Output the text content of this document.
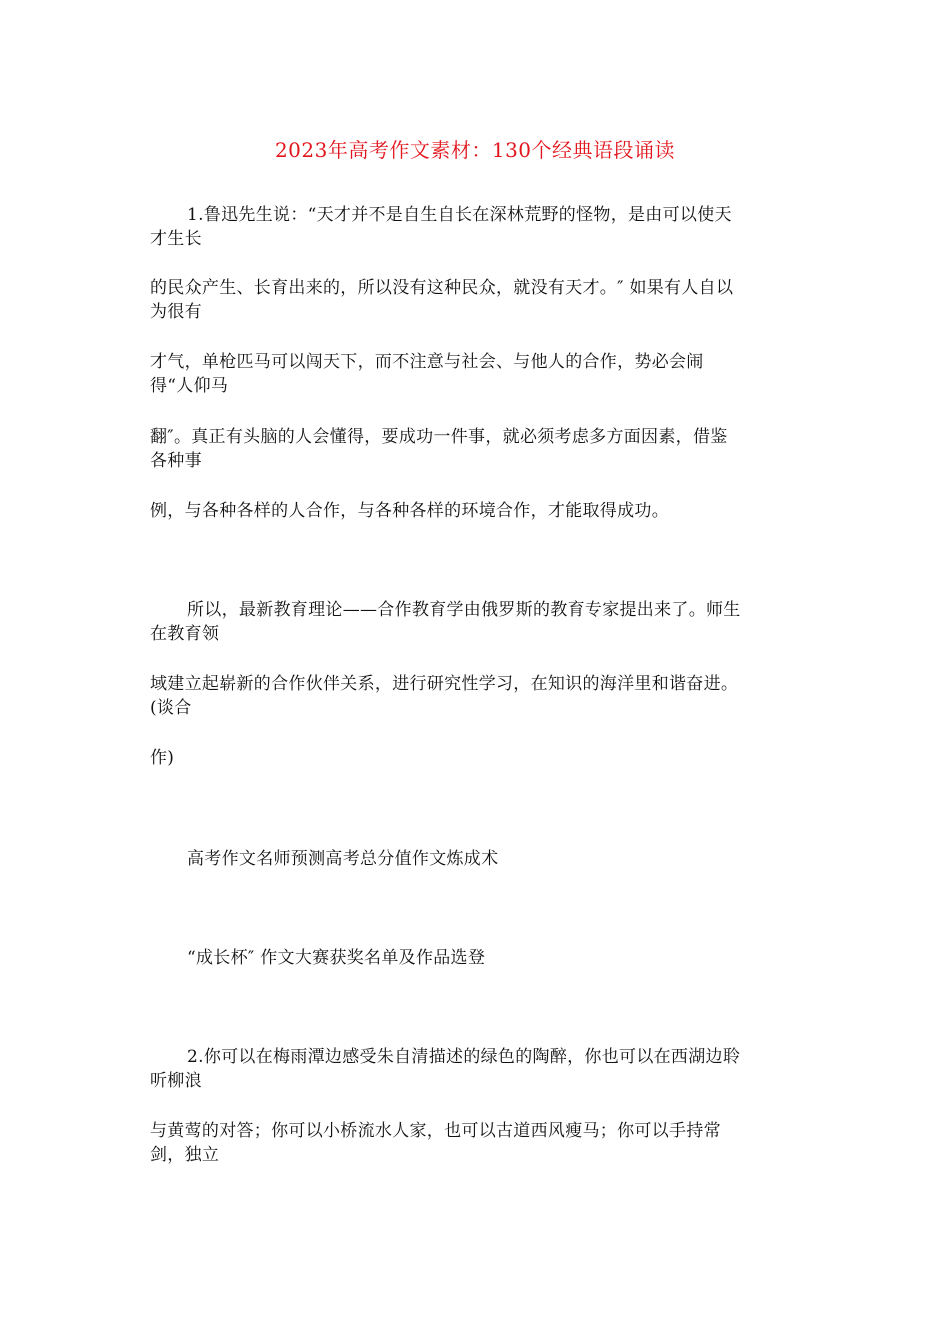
2023年高考作文素材：130个经典语段诵读
1.鲁迅先生说：“天才并不是自生自长在深林荒野的怪物，是由可以使天
才生长
的民众产生、长育出来的，所以没有这种民众，就没有天才。″ 如果有人自以
为很有
才气，单枪匹马可以闯天下，而不注意与社会、与他人的合作，势必会闹
得“人仰马
翻″。真正有头脑的人会懂得，要成功一件事，就必须考虑多方面因素，借鉴
各种事
例，与各种各样的人合作，与各种各样的环境合作，才能取得成功。
所以，最新教育理论——合作教育学由俄罗斯的教育专家提出来了。师生
在教育领
域建立起崭新的合作伙伴关系，进行研究性学习，在知识的海洋里和谐奋进。
(谈合
作)
高考作文名师预测高考总分值作文炼成术
“成长杯″ 作文大赛获奖名单及作品选登
2.你可以在梅雨潭边感受朱自清描述的绿色的陶醉，你也可以在西湖边聆
听柳浪
与黄莺的对答；你可以小桥流水人家，也可以古道西风瘦马；你可以手持常
剑，独立
